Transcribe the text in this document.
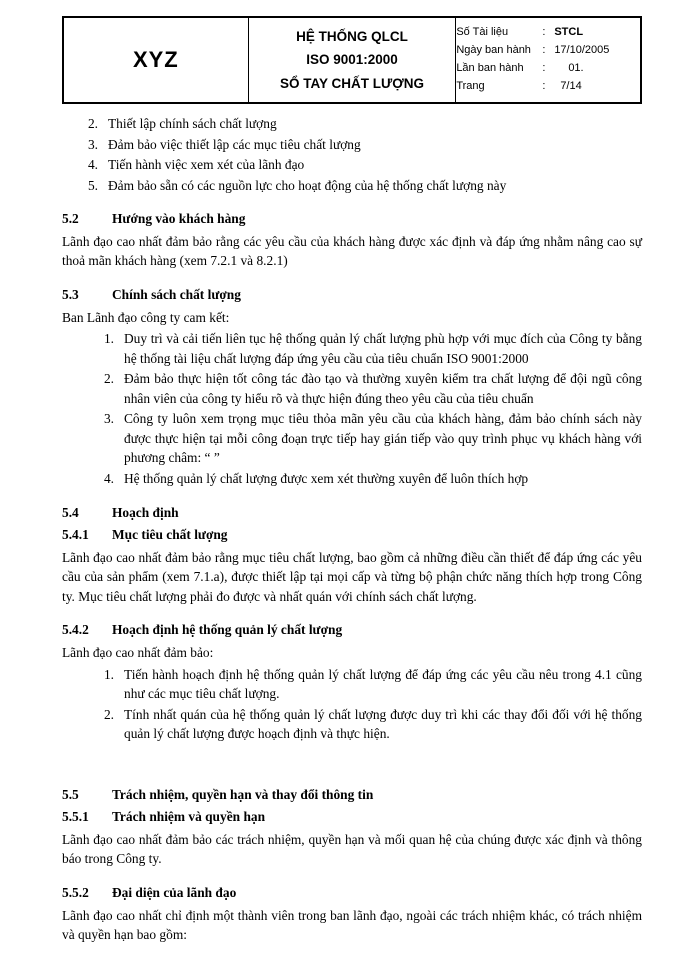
XYZ	
HỆ THỐNG QLCL
ISO 9001:2000
SỔ TAY CHẤT LƯỢNG

Số Tài liệu	: STCL
Ngày ban hành	: 17/10/2005
Lần ban hành	:	01.
Trang	:	7/14
2. Thiết lập chính sách chất lượng
3. Đảm bảo việc thiết lập các mục tiêu chất lượng
4. Tiến hành việc xem xét của lãnh đạo
5. Đảm bảo sẵn có các nguồn lực cho hoạt động của hệ thống chất lượng này
5.2	Hướng vào khách hàng

Lãnh đạo cao nhất đảm bảo rằng các yêu cầu của khách hàng được xác định và đáp ứng nhằm nâng cao sự thoả mãn khách hàng (xem 7.2.1 và 8.2.1)

5.3	Chính sách chất lượng

Ban Lãnh đạo công ty cam kết:

1. Duy trì và cải tiến liên tục hệ thống quản lý chất lượng phù hợp với mục đích của Công ty bằng hệ thống tài liệu chất lượng đáp ứng yêu cầu của tiêu chuẩn ISO 9001:2000
2. Đảm bảo thực hiện tốt công tác đào tạo và thường xuyên kiểm tra chất lượng để đội ngũ công nhân viên của công ty hiểu rõ và thực hiện đúng theo yêu cầu của tiêu chuẩn
3. Công ty luôn xem trọng mục tiêu thỏa mãn yêu cầu của khách hàng, đảm bảo chính sách này được thực hiện tại mỗi công đoạn trực tiếp hay gián tiếp vào quy trình phục vụ khách hàng với phương châm: “ ”
4. Hệ thống quản lý chất lượng được xem xét thường xuyên để luôn thích hợp
5.4	Hoạch định
5.4.1	Mục tiêu chất lượng

Lãnh đạo cao nhất đảm bảo rằng mục tiêu chất lượng, bao gồm cả những điều cần thiết để đáp ứng các yêu cầu của sản phẩm (xem 7.1.a), được thiết lập tại mọi cấp và từng bộ phận chức năng thích hợp trong Công ty. Mục tiêu chất lượng phải đo được và nhất quán với chính sách chất lượng.

5.4.2	Hoạch định hệ thống quản lý chất lượng

Lãnh đạo cao nhất đảm bảo:

1. Tiến hành hoạch định hệ thống quản lý chất lượng để đáp ứng các yêu cầu nêu trong 4.1 cũng như các mục tiêu chất lượng.
2. Tính nhất quán của hệ thống quản lý chất lượng được duy trì khi các thay đổi đối với hệ thống quản lý chất lượng được hoạch định và thực hiện.
5.5	Trách nhiệm, quyền hạn và thay đổi thông tin
5.5.1	Trách nhiệm và quyền hạn

Lãnh đạo cao nhất đảm bảo các trách nhiệm, quyền hạn và mối quan hệ của chúng được xác định và thông báo trong Công ty.

5.5.2	Đại diện của lãnh đạo

Lãnh đạo cao nhất chỉ định một thành viên trong ban lãnh đạo, ngoài các trách nhiệm khác, có trách nhiệm và quyền hạn bao gồm:
